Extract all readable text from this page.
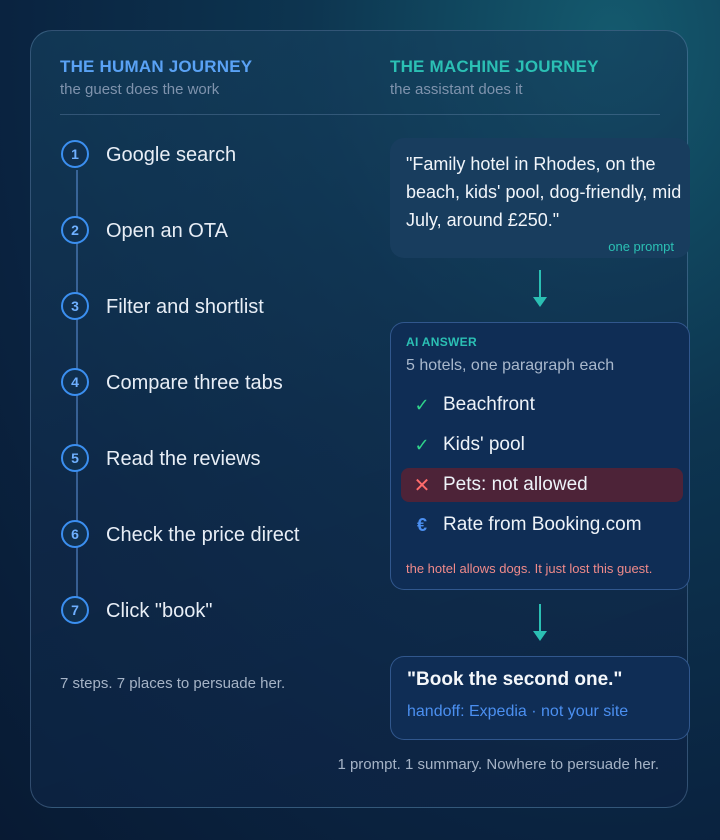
THE HUMAN JOURNEY
the guest does the work
THE MACHINE JOURNEY
the assistant does it
1	Google search
2	Open an OTA
3	Filter and shortlist
4	Compare three tabs
5	Read the reviews
6	Check the price direct
7	Click "book"
7 steps. 7 places to persuade her.
"Family hotel in Rhodes, on the beach, kids' pool, dog-friendly, mid July, around £250."
one prompt
AI ANSWER
5 hotels, one paragraph each
✓ Beachfront
✓ Kids' pool
✕ Pets: not allowed
€ Rate from Booking.com
the hotel allows dogs. It just lost this guest.
"Book the second one."
handoff: Expedia · not your site
1 prompt. 1 summary. Nowhere to persuade her.
